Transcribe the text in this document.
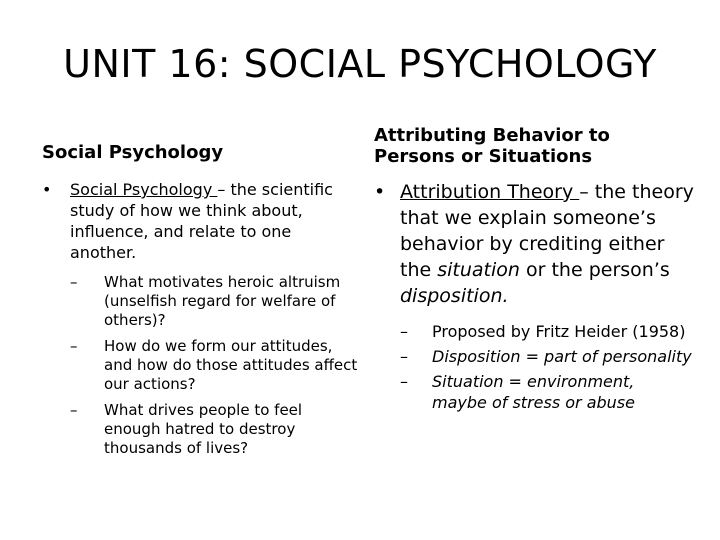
UNIT 16: SOCIAL PSYCHOLOGY

Social Psychology

• Social Psychology – the scientific study of how we think about, influence, and relate to one another.

– What motivates heroic altruism (unselfish regard for welfare of others)?
– How do we form our attitudes, and how do those attitudes affect our actions?
– What drives people to feel enough hatred to destroy thousands of lives?

Attributing Behavior to Persons or Situations

• Attribution Theory – the theory that we explain someone’s behavior by crediting either the situation or the person’s disposition.

– Proposed by Fritz Heider (1958)
– Disposition = part of personality
– Situation = environment, maybe of stress or abuse
